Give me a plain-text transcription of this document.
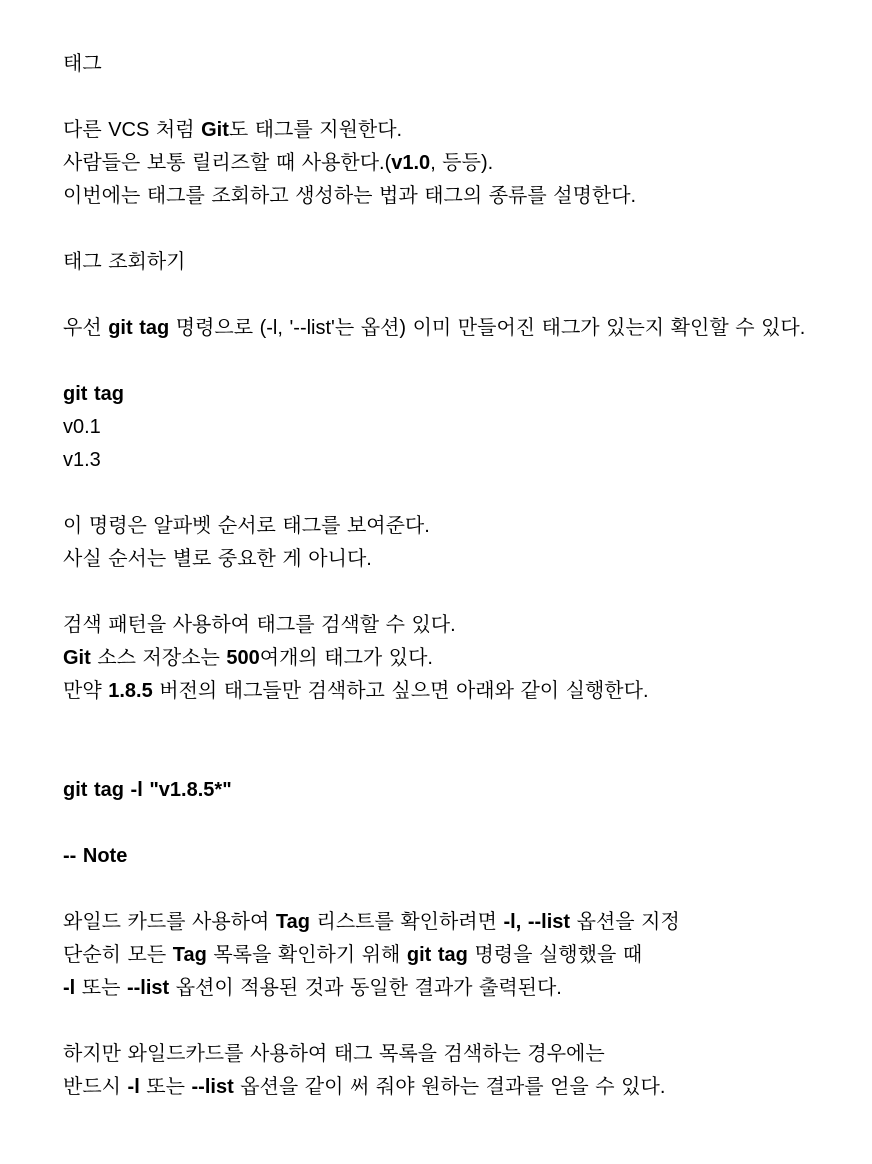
태그
다른 VCS 처럼 Git도 태그를 지원한다.
사람들은 보통 릴리즈할 때 사용한다.(v1.0, 등등).
이번에는 태그를 조회하고 생성하는 법과 태그의 종류를 설명한다.
태그 조회하기
우선 git tag 명령으로 (-l, '--list'는 옵션) 이미 만들어진 태그가 있는지 확인할 수 있다.
git tag
v0.1
v1.3
이 명령은 알파벳 순서로 태그를 보여준다.
사실 순서는 별로 중요한 게 아니다.
검색 패턴을 사용하여 태그를 검색할 수 있다.
Git 소스 저장소는 500여개의 태그가 있다.
만약 1.8.5 버전의 태그들만 검색하고 싶으면 아래와 같이 실행한다.
git tag -l "v1.8.5*"
-- Note
와일드 카드를 사용하여 Tag 리스트를 확인하려면 -l, --list 옵션을 지정
단순히 모든 Tag 목록을 확인하기 위해 git tag 명령을 실행했을 때
-l 또는 --list 옵션이 적용된 것과 동일한 결과가 출력된다.
하지만 와일드카드를 사용하여 태그 목록을 검색하는 경우에는
반드시 -l 또는 --list 옵션을 같이 써 줘야 원하는 결과를 얻을 수 있다.
